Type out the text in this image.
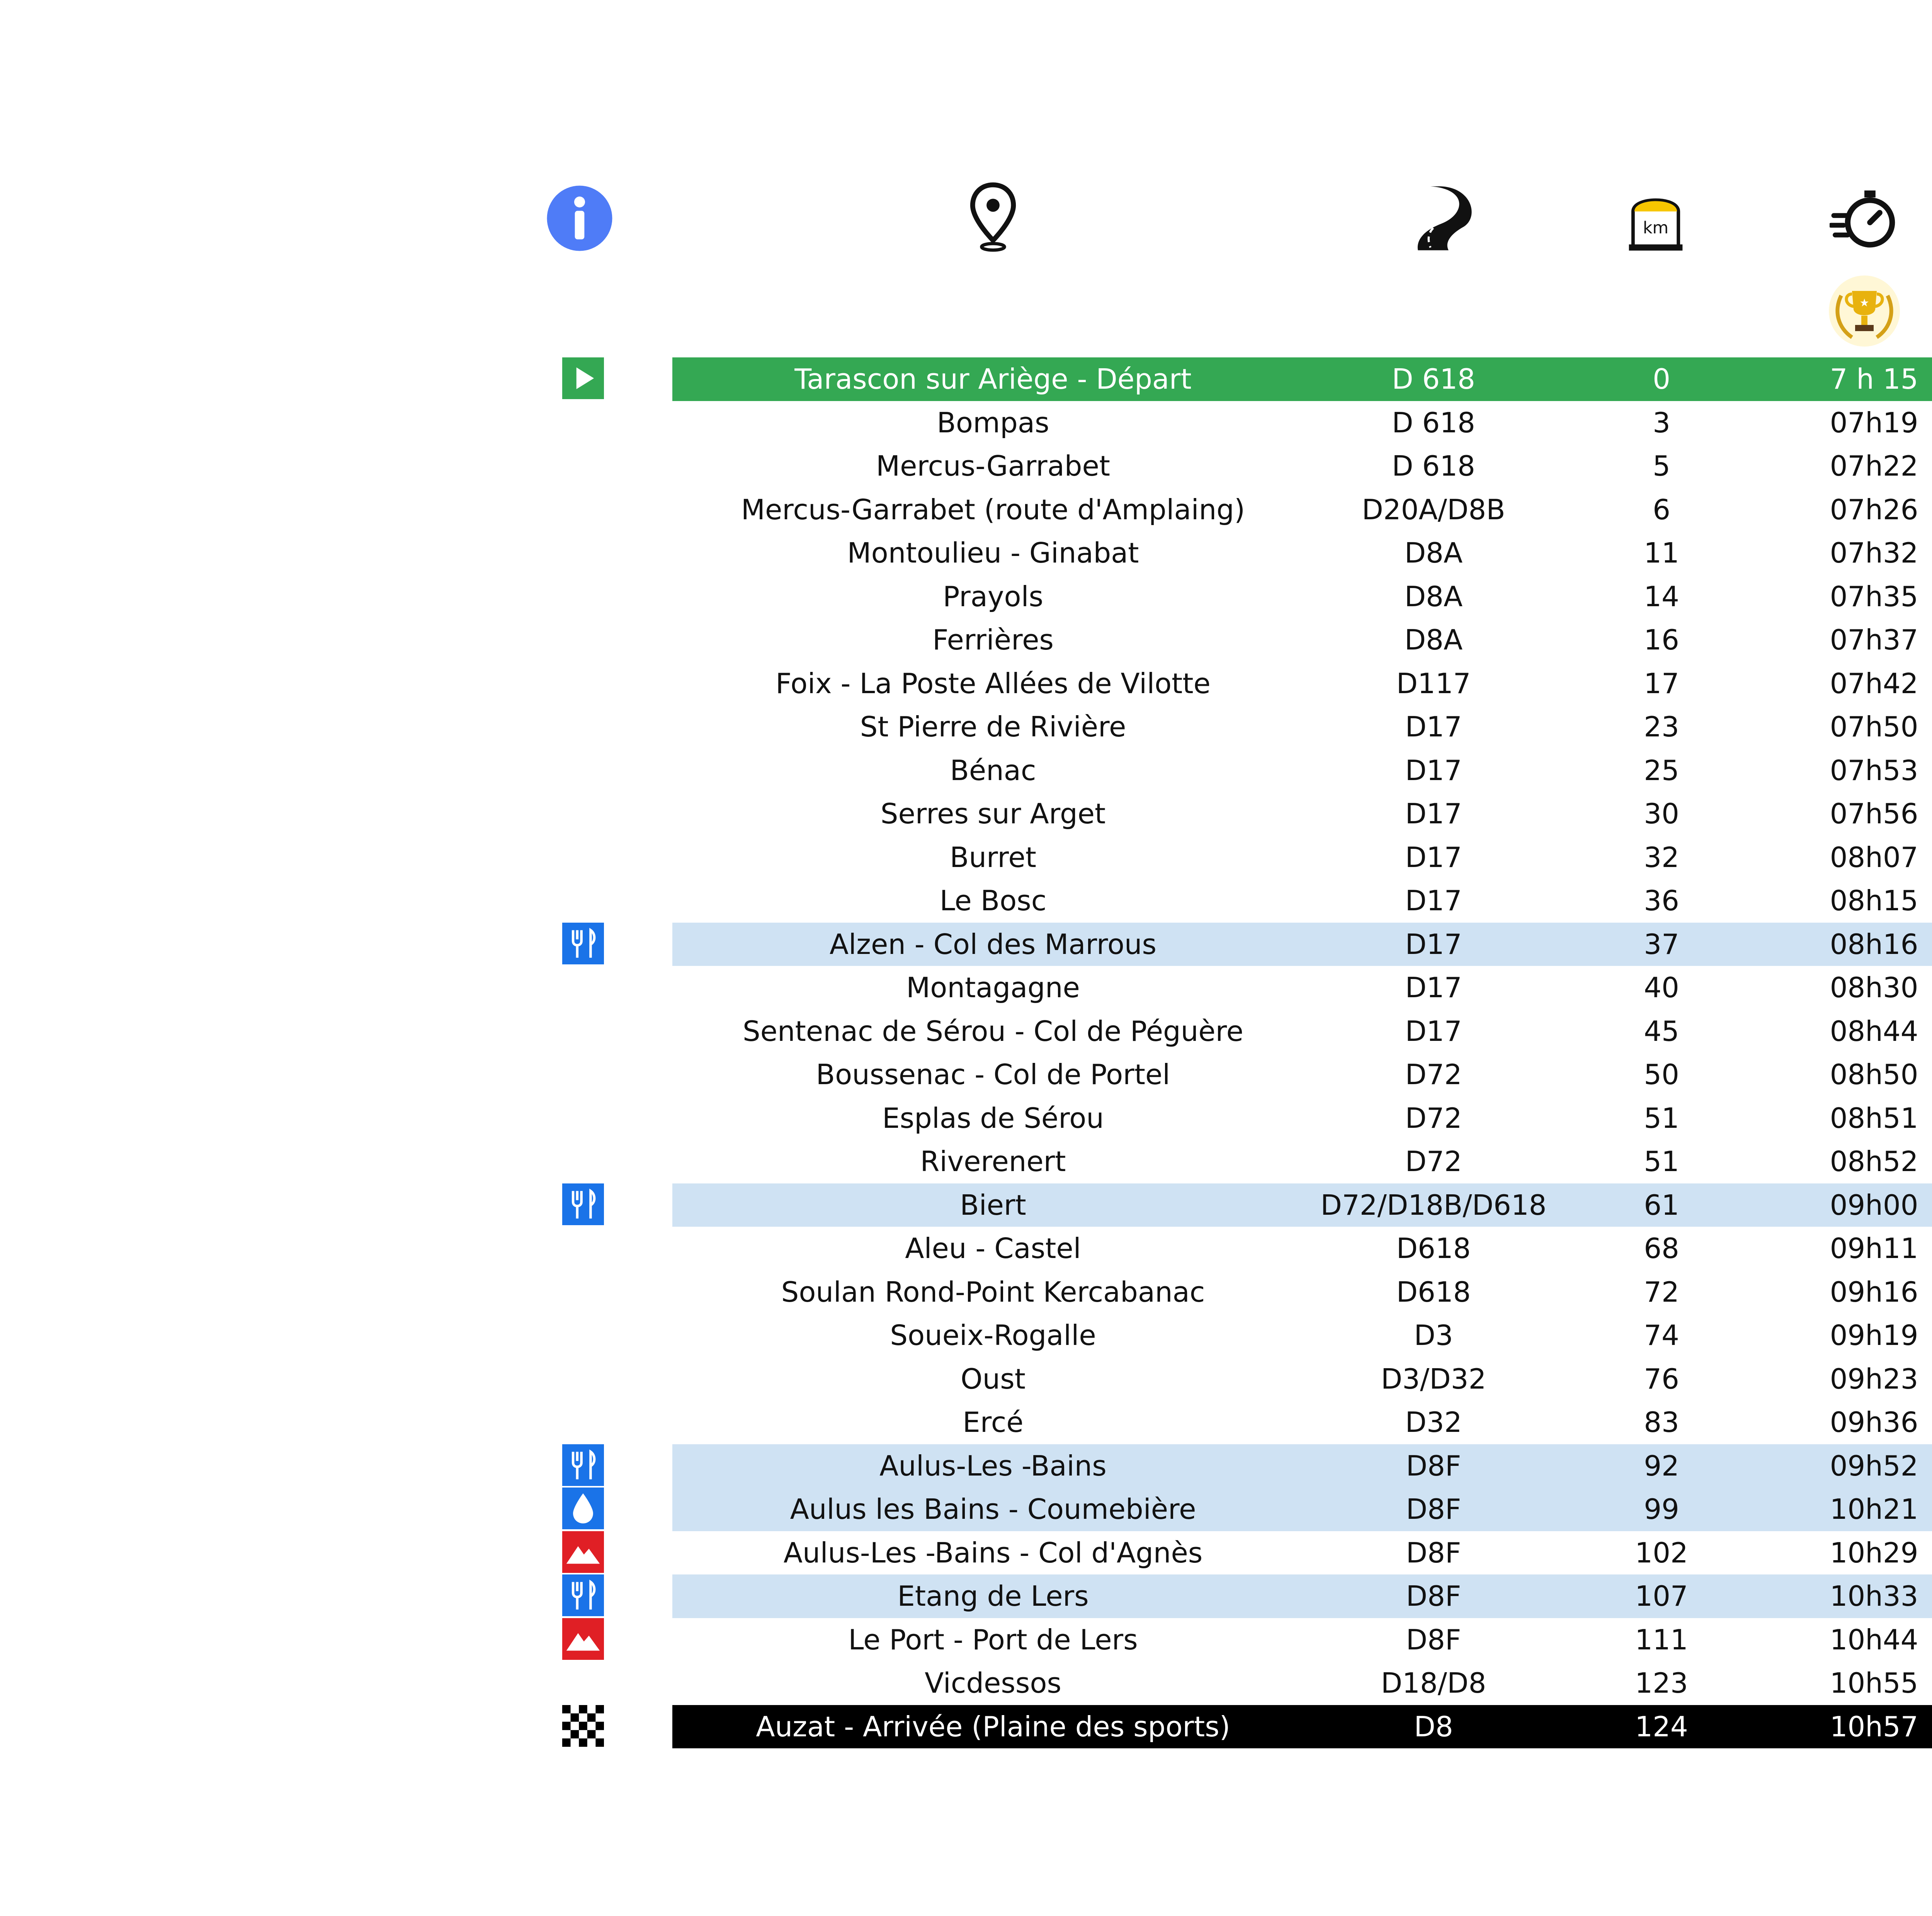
km
★
Tarascon sur Ariège - Départ	D 618	0	7 h 15
Bompas	D 618	3	07h19
Mercus-Garrabet	D 618	5	07h22
Mercus-Garrabet (route d'Amplaing)	D20A/D8B	6	07h26
Montoulieu - Ginabat	D8A	11	07h32
Prayols	D8A	14	07h35
Ferrières	D8A	16	07h37
Foix - La Poste Allées de Vilotte	D117	17	07h42
St Pierre de Rivière	D17	23	07h50
Bénac	D17	25	07h53
Serres sur Arget	D17	30	07h56
Burret	D17	32	08h07
Le Bosc	D17	36	08h15
Alzen - Col des Marrous	D17	37	08h16
Montagagne	D17	40	08h30
Sentenac de Sérou - Col de Péguère	D17	45	08h44
Boussenac - Col de Portel	D72	50	08h50
Esplas de Sérou	D72	51	08h51
Riverenert	D72	51	08h52
Biert	D72/D18B/D618	61	09h00
Aleu - Castel	D618	68	09h11
Soulan Rond-Point Kercabanac	D618	72	09h16
Soueix-Rogalle	D3	74	09h19
Oust	D3/D32	76	09h23
Ercé	D32	83	09h36
Aulus-Les -Bains	D8F	92	09h52
Aulus les Bains - Coumebière	D8F	99	10h21
Aulus-Les -Bains - Col d'Agnès	D8F	102	10h29
Etang de Lers	D8F	107	10h33
Le Port - Port de Lers	D8F	111	10h44
Vicdessos	D18/D8	123	10h55
Auzat - Arrivée (Plaine des sports)	D8	124	10h57
